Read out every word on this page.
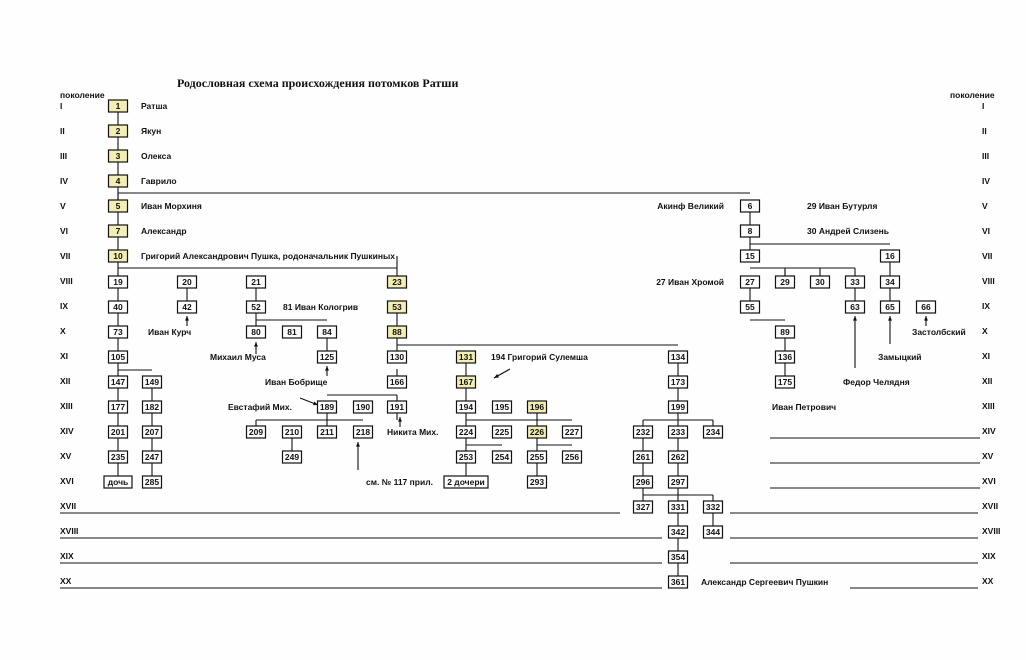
Родословная схема происхождения потомков Ратши
поколение	поколение
I	I
II	II
III	III
IV	IV
V	V
VI	VI
VII	VII
VIII	VIII
IX	IX
X	X
XI	XI
XII	XII
XIII	XIII
XIV	XIV
XV	XV
XVI	XVI
XVII	XVII
XVIII	XVIII
XIX	XIX
XX	XX
1
2
3
4
5
7
10
19	20	21	23
40	42	52	53
73	80	81	84	88
105	125	130	131	134
147 149	166	167	173
177 182	189	190 191	194	195 196	199
201 207	209	210 211	218	224	225 226 227	232 233 234
235 247	249	253	254 255 256	261 262
дочь 285	2 дочери	293	296 297
327 331 332
342 344
354
361
6
8
15	16
27	29	30	33	34
55	63	65	66
89
136
175
Ратша
Якун
Олекса
Гаврило
Иван Морхиня
Александр
Григорий Александрович Пушка, родоначальник Пушкиных
Иван Курч
81 Иван Кологрив
Михаил Муса
Иван Бобрище
Евстафий Мих.
Никита Мих.
см. № 117 прил.
194 Григорий Сулемша
Акинф Великий	29 Иван Бутурля
30 Андрей Слизень
27 Иван Хромой
Застолбский
Замыцкий
Федор Челядня
Иван Петрович
Александр Сергеевич Пушкин
